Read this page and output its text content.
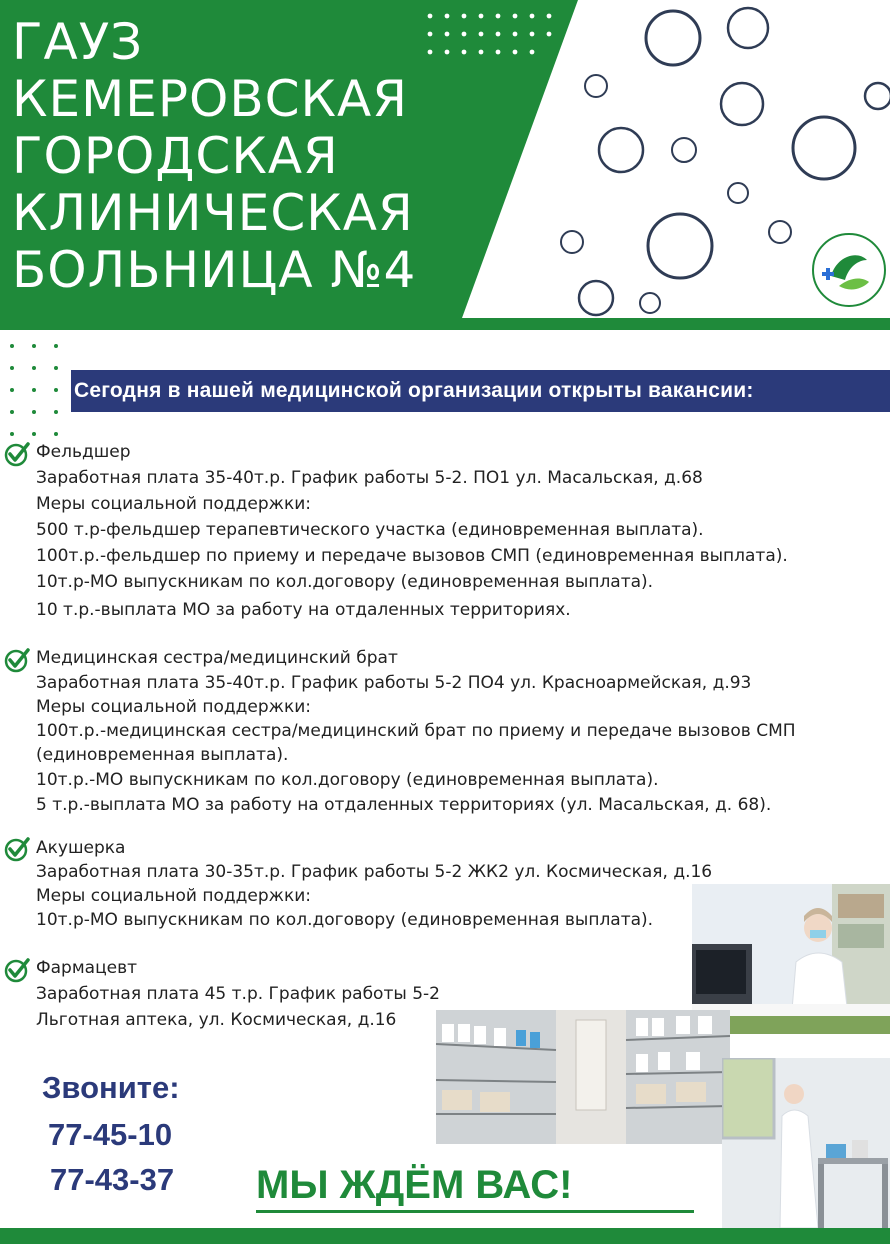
ГАУЗ
КЕМЕРОВСКАЯ
ГОРОДСКАЯ
КЛИНИЧЕСКАЯ
БОЛЬНИЦА №4
Сегодня в нашей медицинской организации открыты вакансии:
Фельдшер
Заработная плата 35-40т.р. График работы 5-2. ПО1 ул. Масальская, д.68
Меры социальной поддержки:
500 т.р-фельдшер терапевтического участка (единовременная выплата).
100т.р.-фельдшер по приему и передаче вызовов СМП (единовременная выплата).
10т.р-МО выпускникам по кол.договору (единовременная выплата).
10 т.р.-выплата МО за работу на отдаленных территориях.
Медицинская сестра/медицинский брат
Заработная плата 35-40т.р. График работы 5-2 ПО4 ул. Красноармейская, д.93
Меры социальной поддержки:
100т.р.-медицинская сестра/медицинский брат по приему и передаче вызовов СМП
(единовременная выплата).
10т.р.-МО выпускникам по кол.договору (единовременная выплата).
5 т.р.-выплата МО за работу на отдаленных территориях (ул. Масальская, д. 68).
Акушерка
Заработная плата 30-35т.р. График работы 5-2 ЖК2 ул. Космическая, д.16
Меры социальной поддержки:
10т.р-МО выпускникам по кол.договору (единовременная выплата).
Фармацевт
Заработная плата 45 т.р. График работы 5-2
Льготная аптека, ул. Космическая, д.16
Звоните:
77-45-10
77-43-37 МЫ ЖДЁМ ВАС!
